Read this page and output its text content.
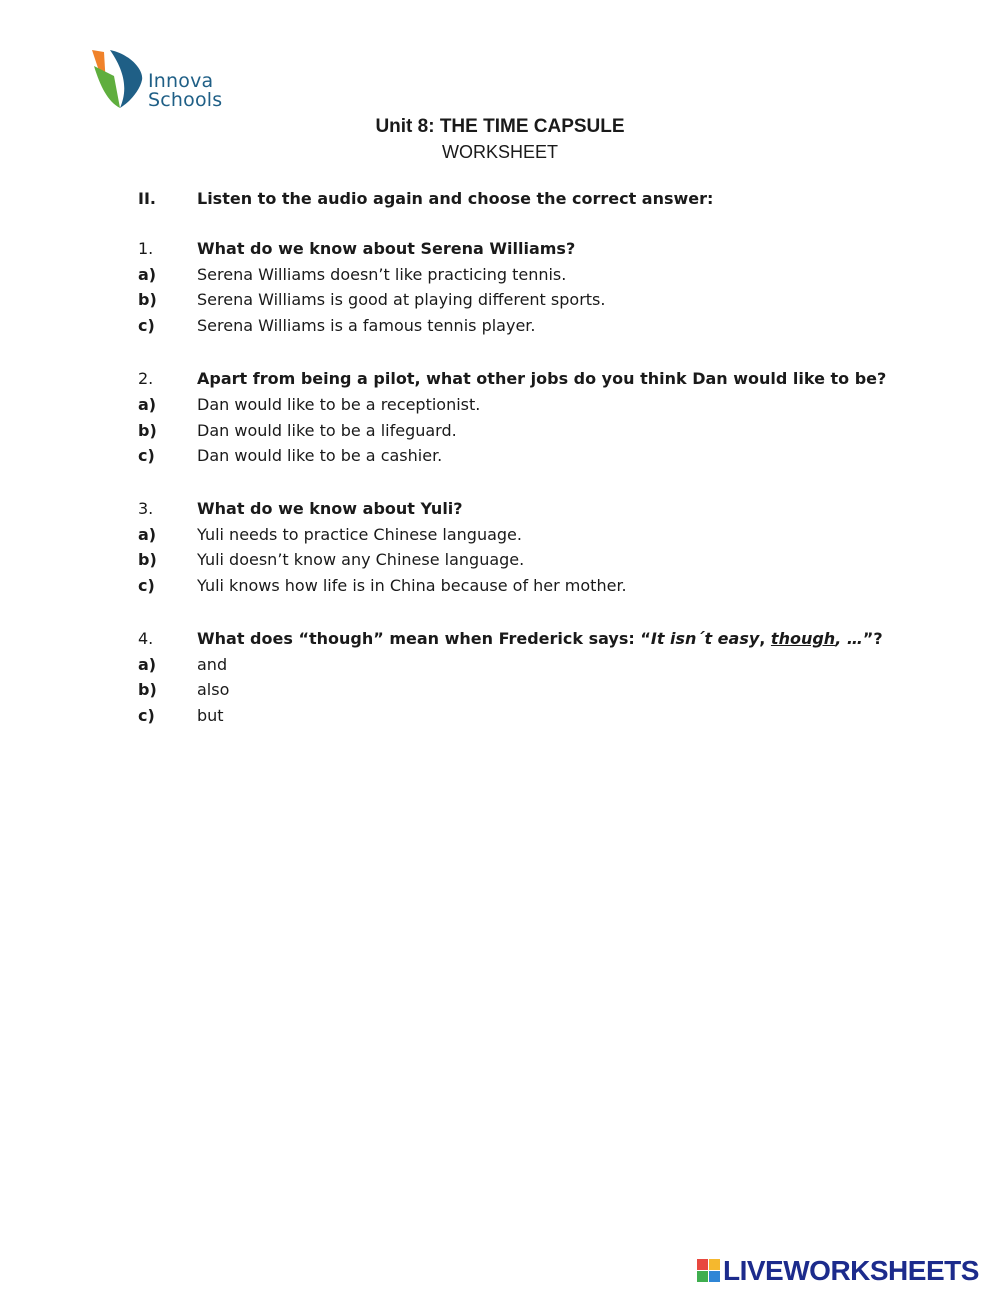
Innova
Schools
Unit 8: THE TIME CAPSULE
WORKSHEET
II.	Listen to the audio again and choose the correct answer:
1.	What do we know about Serena Williams?
a)	Serena Williams doesn’t like practicing tennis.
b)	Serena Williams is good at playing different sports.
c)	Serena Williams is a famous tennis player.
2.	Apart from being a pilot, what other jobs do you think Dan would like to be?
a)	Dan would like to be a receptionist.
b)	Dan would like to be a lifeguard.
c)	Dan would like to be a cashier.
3.	What do we know about Yuli?
a)	Yuli needs to practice Chinese language.
b)	Yuli doesn’t know any Chinese language.
c)	Yuli knows how life is in China because of her mother.
4.	What does “though” mean when Frederick says: “It isn´t easy, though, …”?
a)	and
b)	also
c)	but
LIVEWORKSHEETS
